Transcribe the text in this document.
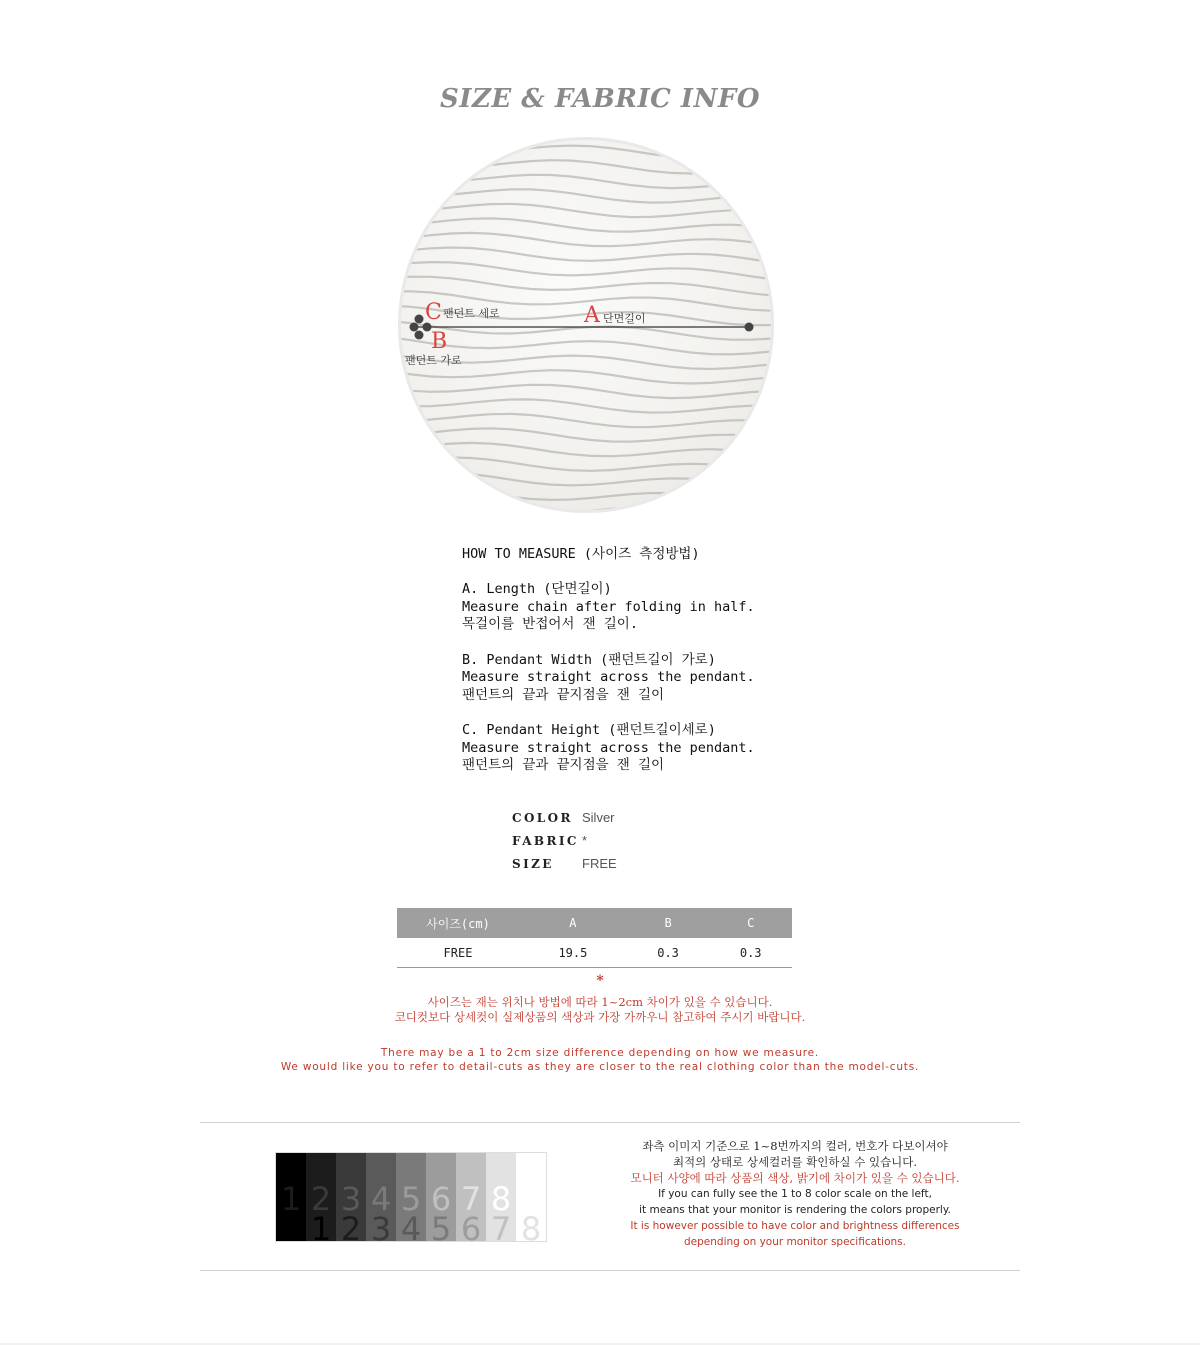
SIZE & FABRIC INFO
C 팬던트 세로
B
팬던트 가로
A 단면길이

HOW TO MEASURE (사이즈 측정방법)

A. Length (단면길이)
Measure chain after folding in half.
목걸이를 반접어서 잰 길이.

B. Pendant Width (팬던트길이 가로)
Measure straight across the pendant.
팬던트의 끝과 끝지점을 잰 길이

C. Pendant Height (팬던트길이세로)
Measure straight across the pendant.
팬던트의 끝과 끝지점을 잰 길이

COLOR Silver
FABRIC *
SIZE	FREE
사이즈(cm)	A	B	C
FREE	19.5	0.3	0.3
*
사이즈는 재는 위치나 방법에 따라 1~2cm 차이가 있을 수 있습니다.
코디컷보다 상세컷이 실제상품의 색상과 가장 가까우니 참고하여 주시기 바랍니다.
There may be a 1 to 2cm size difference depending on how we measure.
We would like you to refer to detail-cuts as they are closer to the real clothing color than the model-cuts.
1 2
1
3
2
4
3
5
4
6
5
7
6
8
7 8
좌측 이미지 기준으로 1~8번까지의 컬러, 번호가 다보이셔야
최적의 상태로 상세컬러를 확인하실 수 있습니다.
모니터 사양에 따라 상품의 색상, 밝기에 차이가 있을 수 있습니다.
If you can fully see the 1 to 8 color scale on the left,
it means that your monitor is rendering the colors properly.
It is however possible to have color and brightness differences
depending on your monitor specifications.
